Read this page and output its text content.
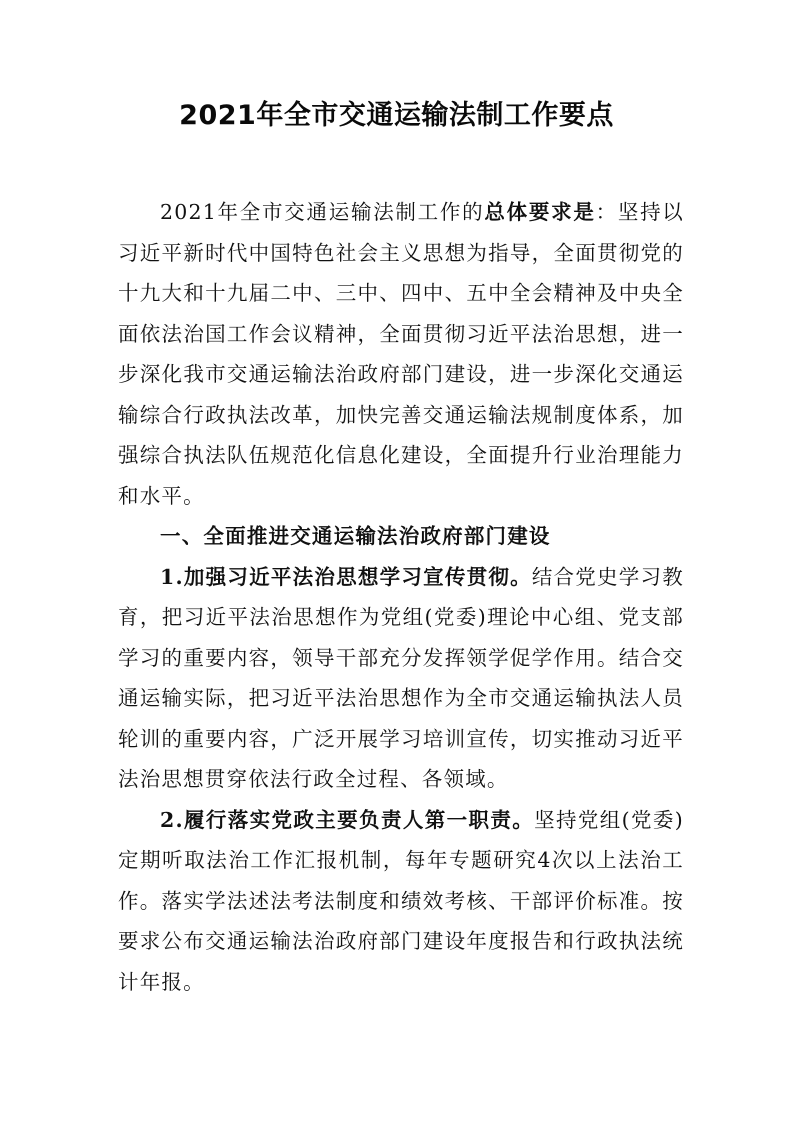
2021年全市交通运输法制工作要点

2021年全市交通运输法制工作的总体要求是：坚持以习近平新时代中国特色社会主义思想为指导，全面贯彻党的十九大和十九届二中、三中、四中、五中全会精神及中央全面依法治国工作会议精神，全面贯彻习近平法治思想，进一步深化我市交通运输法治政府部门建设，进一步深化交通运输综合行政执法改革，加快完善交通运输法规制度体系，加强综合执法队伍规范化信息化建设，全面提升行业治理能力和水平。

一、全面推进交通运输法治政府部门建设

1.加强习近平法治思想学习宣传贯彻。结合党史学习教育，把习近平法治思想作为党组(党委)理论中心组、党支部学习的重要内容，领导干部充分发挥领学促学作用。结合交通运输实际，把习近平法治思想作为全市交通运输执法人员轮训的重要内容，广泛开展学习培训宣传，切实推动习近平法治思想贯穿依法行政全过程、各领域。

2.履行落实党政主要负责人第一职责。坚持党组(党委)定期听取法治工作汇报机制，每年专题研究4次以上法治工作。落实学法述法考法制度和绩效考核、干部评价标准。按要求公布交通运输法治政府部门建设年度报告和行政执法统计年报。
